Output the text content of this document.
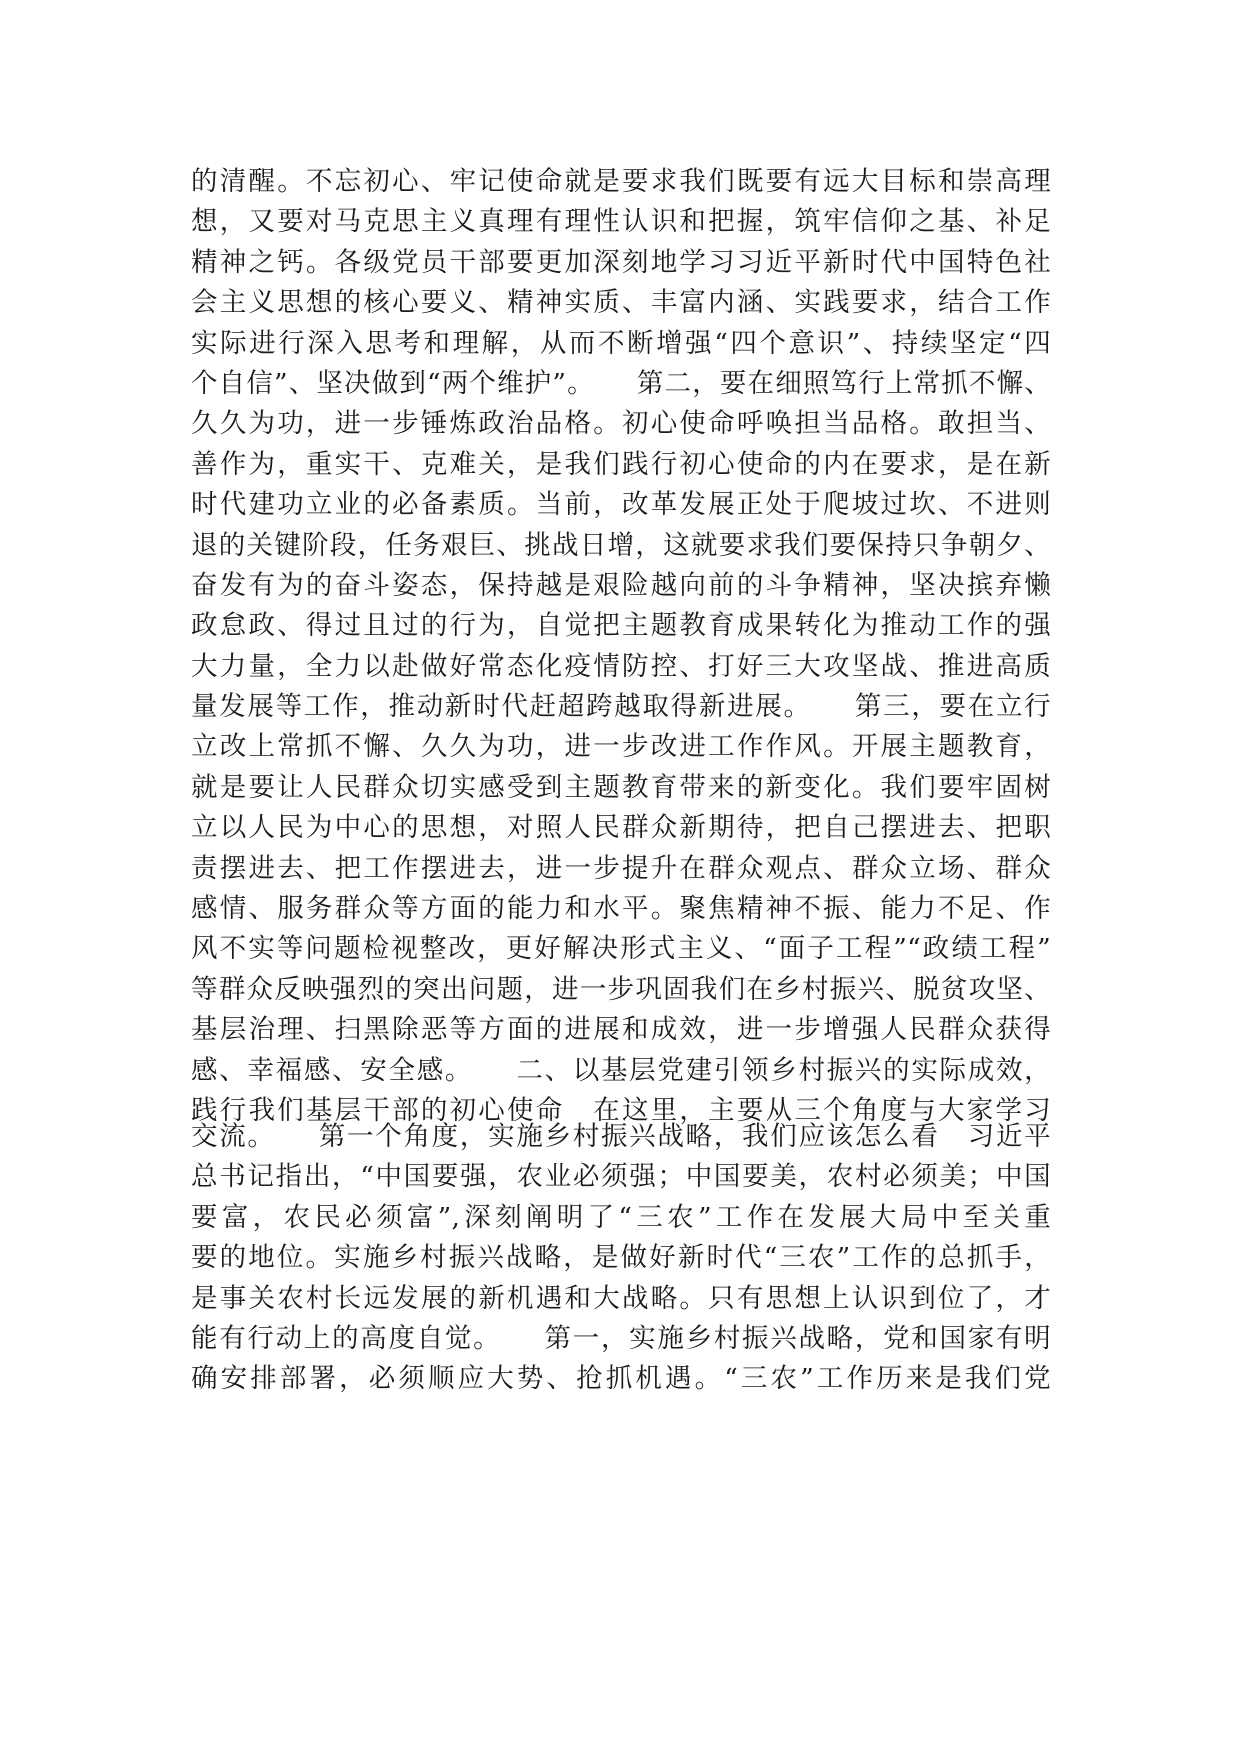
的清醒。不忘初心、牢记使命就是要求我们既要有远大目标和崇高理
想，又要对马克思主义真理有理性认识和把握，筑牢信仰之基、补足
精神之钙。各级党员干部要更加深刻地学习习近平新时代中国特色社
会主义思想的核心要义、精神实质、丰富内涵、实践要求，结合工作
实际进行深入思考和理解，从而不断增强“四个意识”、持续坚定“四
个自信”、坚决做到“两个维护”。　　第二，要在细照笃行上常抓不懈、
久久为功，进一步锤炼政治品格。初心使命呼唤担当品格。敢担当、
善作为，重实干、克难关，是我们践行初心使命的内在要求，是在新
时代建功立业的必备素质。当前，改革发展正处于爬坡过坎、不进则
退的关键阶段，任务艰巨、挑战日增，这就要求我们要保持只争朝夕、
奋发有为的奋斗姿态，保持越是艰险越向前的斗争精神，坚决摈弃懒
政怠政、得过且过的行为，自觉把主题教育成果转化为推动工作的强
大力量，全力以赴做好常态化疫情防控、打好三大攻坚战、推进高质
量发展等工作，推动新时代赶超跨越取得新进展。　　第三，要在立行
立改上常抓不懈、久久为功，进一步改进工作作风。开展主题教育，
就是要让人民群众切实感受到主题教育带来的新变化。我们要牢固树
立以人民为中心的思想，对照人民群众新期待，把自己摆进去、把职
责摆进去、把工作摆进去，进一步提升在群众观点、群众立场、群众
感情、服务群众等方面的能力和水平。聚焦精神不振、能力不足、作
风不实等问题检视整改，更好解决形式主义、“面子工程”“政绩工程”
等群众反映强烈的突出问题，进一步巩固我们在乡村振兴、脱贫攻坚、
基层治理、扫黑除恶等方面的进展和成效，进一步增强人民群众获得
感、幸福感、安全感。　　二、以基层党建引领乡村振兴的实际成效，
践行我们基层干部的初心使命　在这里，主要从三个角度与大家学习
交流。　　第一个角度，实施乡村振兴战略，我们应该怎么看　习近平
总书记指出，“中国要强，农业必须强；中国要美，农村必须美；中国
要富，农民必须富”,深刻阐明了“三农”工作在发展大局中至关重
要的地位。实施乡村振兴战略，是做好新时代“三农”工作的总抓手，
是事关农村长远发展的新机遇和大战略。只有思想上认识到位了，才
能有行动上的高度自觉。　　第一，实施乡村振兴战略，党和国家有明
确安排部署，必须顺应大势、抢抓机遇。“三农”工作历来是我们党
